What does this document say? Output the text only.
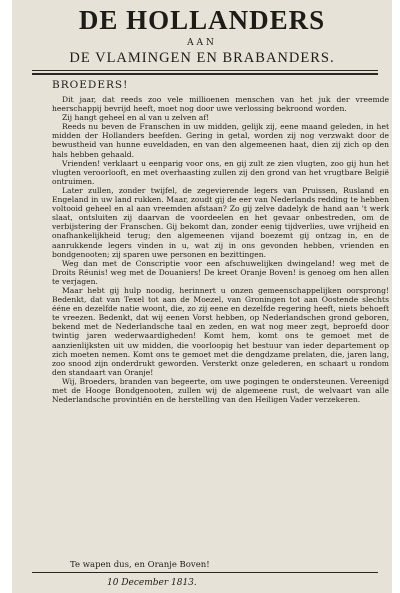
DE HOLLANDERS
AAN
DE VLAMINGEN EN BRABANDERS.
BROEDERS!

Dit jaar, dat reeds zoo vele millioenen menschen van het juk der vreemde heerschappij bevrijd heeft, moet nog door uwe verlossing bekroond worden.

Zij hangt geheel en al van u zelven af!

Reeds nu beven de Franschen in uw midden, gelijk zij, eene maand geleden, in het midden der Hollanders beefden. Gering in getal, worden zij nog verzwakt door de bewustheid van hunne euveldaden, en van den algemeenen haat, dien zij zich op den hals hebben gehaald.

Vrienden! verklaart u eenparig voor ons, en gij zult ze zien vlugten, zoo gij hun het vlugten veroorlooft, en met overhaasting zullen zij den grond van het vrugtbare België ontruimen.

Later zullen, zonder twijfel, de zegevierende legers van Pruissen, Rusland en Engeland in uw land rukken. Maar, zoudt gij de eer van Nederlands redding te hebben voltooid geheel en al aan vreemden afstaan? Zo gij zelve dadelyk de hand aan 't werk slaat, ontsluiten zij daarvan de voordeelen en het gevaar onbestreden, om de verbijstering der Franschen. Gij bekomt dan, zonder eenig tijdverlies, uwe vrijheid en onafhankelijkheid terug; den algemeenen vijand boezemt gij ontzag in, en de aanrukkende legers vinden in u, wat zij in ons gevonden hebben, vrienden en bondgenooten; zij sparen uwe personen en bezittingen.

Weg dan met de Conscriptie voor een afschuwelijken dwingeland! weg met de Droits Réunis! weg met de Douaniers! De kreet Oranje Boven! is genoeg om hen allen te verjagen.

Maar hebt gij hulp noodig, herinnert u onzen gemeenschappelijken oorsprong! Bedenkt, dat van Texel tot aan de Moezel, van Groningen tot aan Oostende slechts ééne en dezelfde natie woont, die, zo zij eene en dezelfde regering heeft, niets behoeft te vreezen. Bedenkt, dat wij eenen Vorst hebben, op Nederlandschen grond geboren, bekend met de Nederlandsche taal en zeden, en wat nog meer zegt, beproefd door twintig jaren wederwaardigheden! Komt hem, komt ons te gemoet met de aanzienlijksten uit uw midden, die voorloopig het bestuur van ieder departement op zich moeten nemen. Komt ons te gemoet met die dengdzame prelaten, die, jaren lang, zoo snood zijn onderdrukt geworden. Versterkt onze gelederen, en schaart u rondom den standaart van Oranje!

Wij, Broeders, branden van begeerte, om uwe pogingen te ondersteunen. Vereenigd met de Hooge Bondgenooten, zullen wij de algemeene rust, de welvaart van alle Nederlandsche provintiën en de herstelling van den Heiligen Vader verzekeren.

Te wapen dus, en Oranje Boven!
10 December 1813.
